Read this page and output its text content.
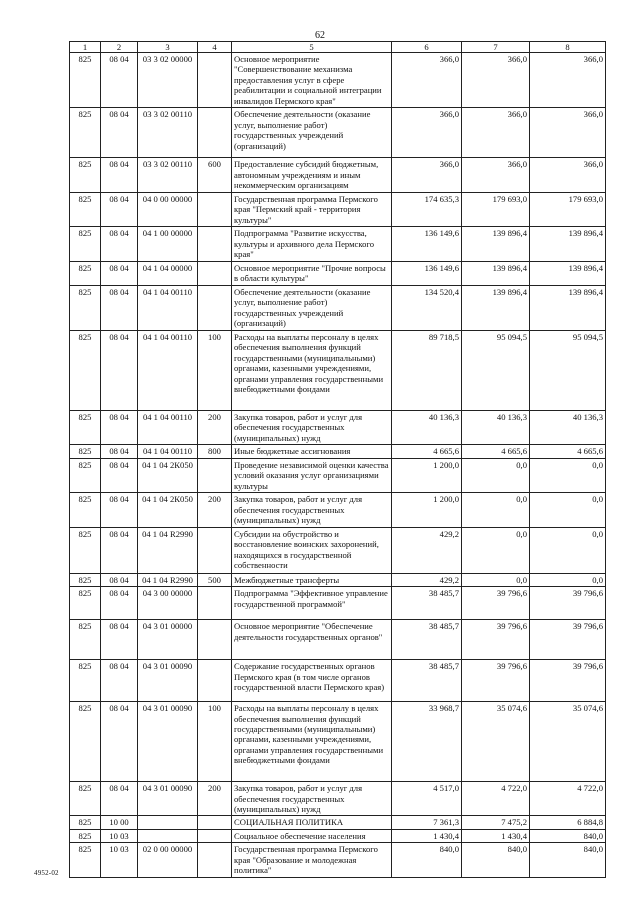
62
1	2	3	4	5	6	7	8
825	08 04	03 3 02 00000		Основное мероприятие "Совершенствование механизма предоставления услуг в сфере реабилитации и социальной интеграции инвалидов Пермского края"	366,0	366,0	366,0
825	08 04	03 3 02 00110		Обеспечение деятельности (оказание услуг, выполнение работ) государственных учреждений (организаций)	366,0	366,0	366,0
825	08 04	03 3 02 00110	600	Предоставление субсидий бюджетным, автономным учреждениям и иным некоммерческим организациям	366,0	366,0	366,0
825	08 04	04 0 00 00000		Государственная программа Пермского края "Пермский край - территория культуры"	174 635,3	179 693,0	179 693,0
825	08 04	04 1 00 00000		Подпрограмма "Развитие искусства, культуры и архивного дела Пермского края"	136 149,6	139 896,4	139 896,4
825	08 04	04 1 04 00000		Основное мероприятие "Прочие вопросы в области культуры"	136 149,6	139 896,4	139 896,4
825	08 04	04 1 04 00110		Обеспечение деятельности (оказание услуг, выполнение работ) государственных учреждений (организаций)	134 520,4	139 896,4	139 896,4
825	08 04	04 1 04 00110	100	Расходы на выплаты персоналу в целях обеспечения выполнения функций государственными (муниципальными) органами, казенными учреждениями, органами управления государственными внебюджетными фондами	89 718,5	95 094,5	95 094,5
825	08 04	04 1 04 00110	200	Закупка товаров, работ и услуг для обеспечения государственных (муниципальных) нужд	40 136,3	40 136,3	40 136,3
825	08 04	04 1 04 00110	800	Иные бюджетные ассигнования	4 665,6	4 665,6	4 665,6
825	08 04	04 1 04 2К050		Проведение независимой оценки качества условий оказания услуг организациями культуры	1 200,0	0,0	0,0
825	08 04	04 1 04 2К050	200	Закупка товаров, работ и услуг для обеспечения государственных (муниципальных) нужд	1 200,0	0,0	0,0
825	08 04	04 1 04 R2990		Субсидии на обустройство и восстановление воинских захоронений, находящихся в государственной собственности	429,2	0,0	0,0
825	08 04	04 1 04 R2990	500	Межбюджетные трансферты	429,2	0,0	0,0
825	08 04	04 3 00 00000		Подпрограмма "Эффективное управление государственной программой"	38 485,7	39 796,6	39 796,6
825	08 04	04 3 01 00000		Основное мероприятие "Обеспечение деятельности государственных органов"	38 485,7	39 796,6	39 796,6
825	08 04	04 3 01 00090		Содержание государственных органов Пермского края (в том числе органов государственной власти Пермского края)	38 485,7	39 796,6	39 796,6
825	08 04	04 3 01 00090	100	Расходы на выплаты персоналу в целях обеспечения выполнения функций государственными (муниципальными) органами, казенными учреждениями, органами управления государственными внебюджетными фондами	33 968,7	35 074,6	35 074,6
825	08 04	04 3 01 00090	200	Закупка товаров, работ и услуг для обеспечения государственных (муниципальных) нужд	4 517,0	4 722,0	4 722,0
825	10 00			СОЦИАЛЬНАЯ ПОЛИТИКА	7 361,3	7 475,2	6 884,8
825	10 03			Социальное обеспечение населения	1 430,4	1 430,4	840,0
825	10 03	02 0 00 00000		Государственная программа Пермского края "Образование и молодежная политика"	840,0	840,0	840,0
4952-02
